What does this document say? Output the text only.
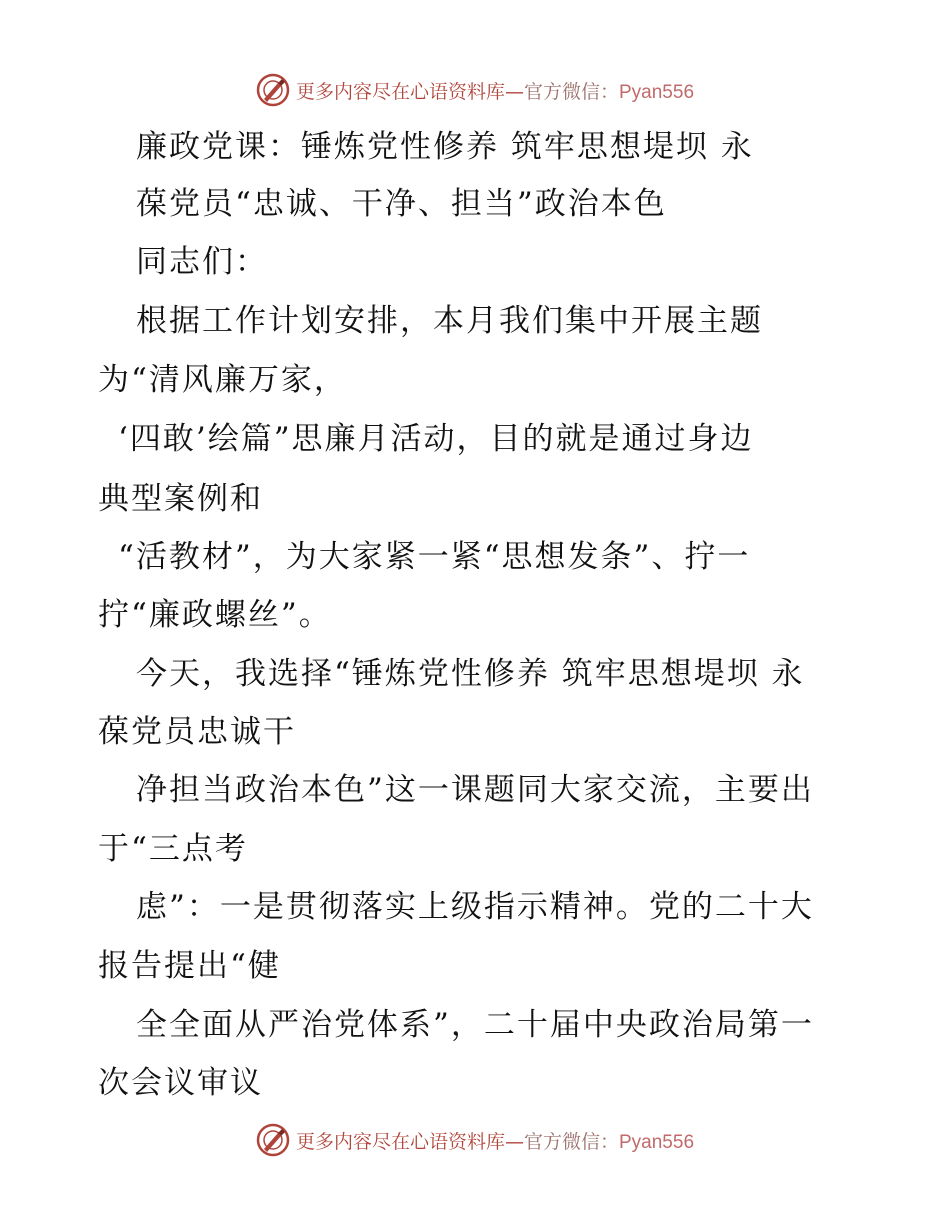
更多内容尽在心语资料库—官方微信：Pyan556
廉政党课：锤炼党性修养 筑牢思想堤坝 永
葆党员“忠诚、干净、担当”政治本色
同志们：
根据工作计划安排，本月我们集中开展主题
为“清风廉万家，
‘四敢’绘篇”思廉月活动，目的就是通过身边
典型案例和
“活教材”，为大家紧一紧“思想发条”、拧一
拧“廉政螺丝”。
今天，我选择“锤炼党性修养 筑牢思想堤坝 永
葆党员忠诚干
净担当政治本色”这一课题同大家交流，主要出
于“三点考
虑”：一是贯彻落实上级指示精神。党的二十大
报告提出“健
全全面从严治党体系”，二十届中央政治局第一
次会议审议
更多内容尽在心语资料库—官方微信：Pyan556
